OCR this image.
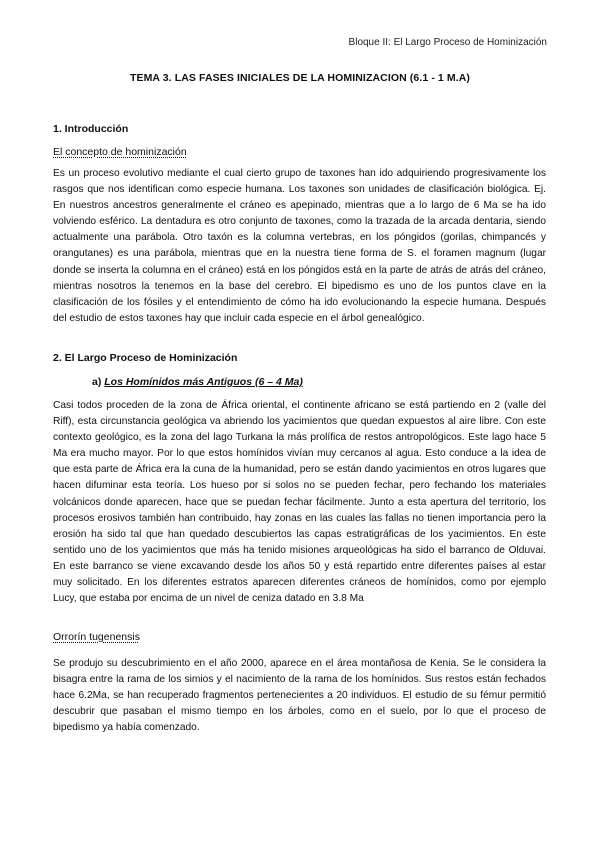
Bloque II: El Largo Proceso de Hominización
TEMA 3. LAS FASES INICIALES DE LA HOMINIZACION (6.1 - 1 M.A)
1. Introducción
El concepto de hominización
Es un proceso evolutivo mediante el cual cierto grupo de taxones han ido adquiriendo progresivamente los rasgos que nos identifican como especie humana. Los taxones son unidades de clasificación biológica. Ej. En nuestros ancestros generalmente el cráneo es apepinado, mientras que a lo largo de 6 Ma se ha ido volviendo esférico. La dentadura es otro conjunto de taxones, como la trazada de la arcada dentaria, siendo actualmente una parábola. Otro taxón es la columna vertebras, en los póngidos (gorilas, chimpancés y orangutanes) es una parábola, mientras que en la nuestra tiene forma de S. el foramen magnum (lugar donde se inserta la columna en el cráneo) está en los póngidos está en la parte de atrás de atrás del cráneo, mientras nosotros la tenemos en la base del cerebro. El bipedismo es uno de los puntos clave en la clasificación de los fósiles y el entendimiento de cómo ha ido evolucionando la especie humana. Después del estudio de estos taxones hay que incluir cada especie en el árbol genealógico.
2. El Largo Proceso de Hominización
a) Los Homínidos más Antiguos (6 – 4 Ma)
Casi todos proceden de la zona de África oriental, el continente africano se está partiendo en 2 (valle del Riff), esta circunstancia geológica va abriendo los yacimientos que quedan expuestos al aire libre. Con este contexto geológico, es la zona del lago Turkana la más prolífica de restos antropológicos. Este lago hace 5 Ma era mucho mayor. Por lo que estos homínidos vivían muy cercanos al agua. Esto conduce a la idea de que esta parte de África era la cuna de la humanidad, pero se están dando yacimientos en otros lugares que hacen difuminar esta teoría. Los hueso por si solos no se pueden fechar, pero fechando los materiales volcánicos donde aparecen, hace que se puedan fechar fácilmente. Junto a esta apertura del territorio, los procesos erosivos también han contribuido, hay zonas en las cuales las fallas no tienen importancia pero la erosión ha sido tal que han quedado descubiertos las capas estratigráficas de los yacimientos. En este sentido uno de los yacimientos que más ha tenido misiones arqueológicas ha sido el barranco de Olduvai. En este barranco se viene excavando desde los años 50 y está repartido entre diferentes países al estar muy solicitado. En los diferentes estratos aparecen diferentes cráneos de homínidos, como por ejemplo Lucy, que estaba por encima de un nivel de ceniza datado en 3.8 Ma
Orrorín tugenensis
Se produjo su descubrimiento en el año 2000, aparece en el área montañosa de Kenia. Se le considera la bisagra entre la rama de los simios y el nacimiento de la rama de los homínidos. Sus restos están fechados hace 6.2Ma, se han recuperado fragmentos pertenecientes a 20 individuos. El estudio de su fémur permitió descubrir que pasaban el mismo tiempo en los árboles, como en el suelo, por lo que el proceso de bipedismo ya había comenzado.
